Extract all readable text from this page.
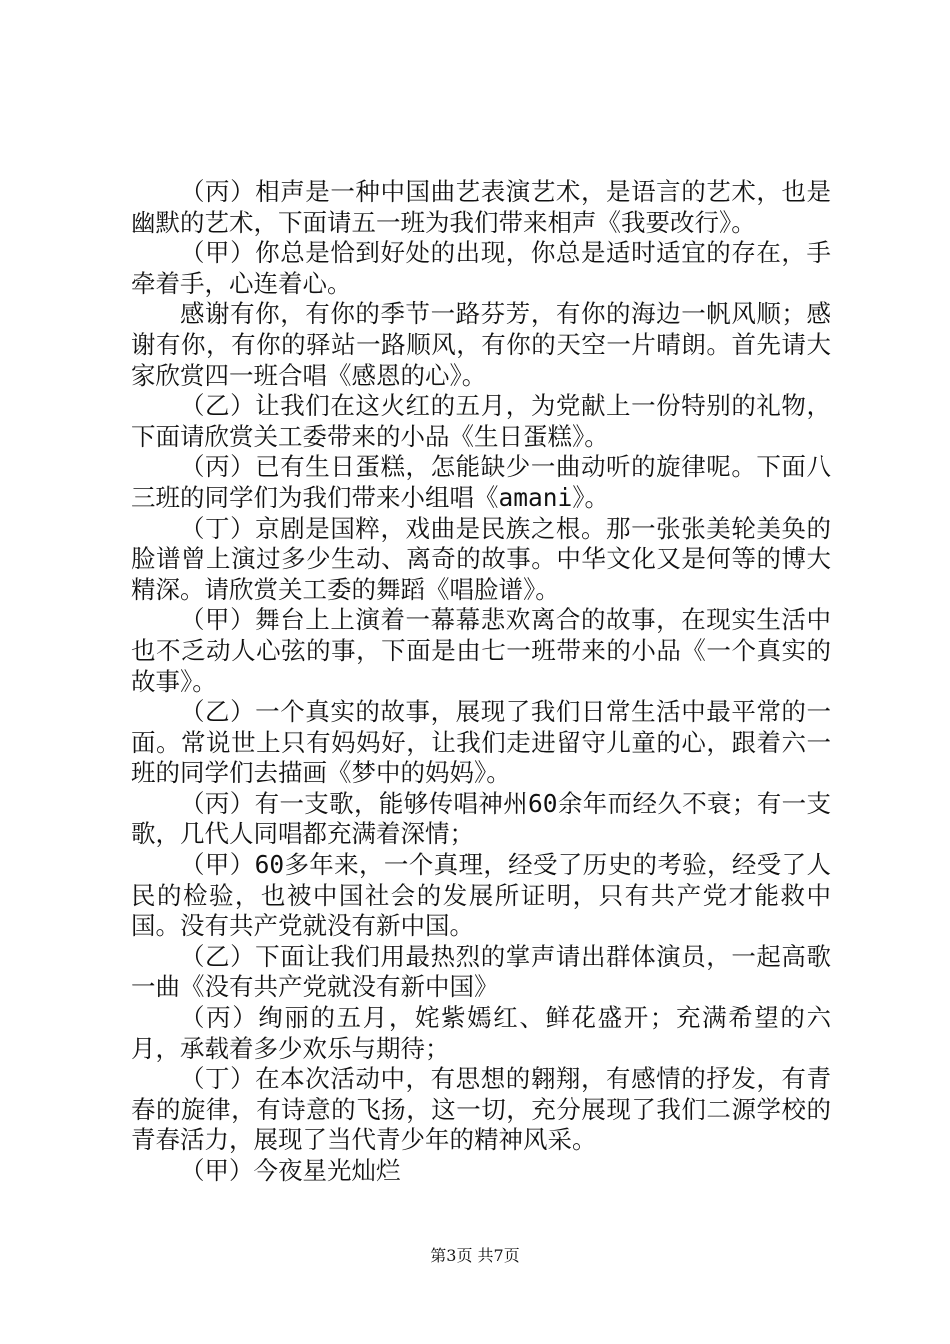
（丙）相声是一种中国曲艺表演艺术，是语言的艺术，也是幽默的艺术，下面请五一班为我们带来相声《我要改行》。

（甲）你总是恰到好处的出现，你总是适时适宜的存在，手牵着手，心连着心。

感谢有你，有你的季节一路芬芳，有你的海边一帆风顺；感谢有你，有你的驿站一路顺风，有你的天空一片晴朗。首先请大家欣赏四一班合唱《感恩的心》。

（乙）让我们在这火红的五月，为党献上一份特别的礼物，下面请欣赏关工委带来的小品《生日蛋糕》。

（丙）已有生日蛋糕，怎能缺少一曲动听的旋律呢。下面八三班的同学们为我们带来小组唱《amani》。

（丁）京剧是国粹，戏曲是民族之根。那一张张美轮美奂的脸谱曾上演过多少生动、离奇的故事。中华文化又是何等的博大精深。请欣赏关工委的舞蹈《唱脸谱》。

（甲）舞台上上演着一幕幕悲欢离合的故事，在现实生活中也不乏动人心弦的事，下面是由七一班带来的小品《一个真实的故事》。

（乙）一个真实的故事，展现了我们日常生活中最平常的一面。常说世上只有妈妈好，让我们走进留守儿童的心，跟着六一班的同学们去描画《梦中的妈妈》。

（丙）有一支歌，能够传唱神州60余年而经久不衰；有一支歌，几代人同唱都充满着深情；

（甲）60多年来，一个真理，经受了历史的考验，经受了人民的检验，也被中国社会的发展所证明，只有共产党才能救中国。没有共产党就没有新中国。

（乙）下面让我们用最热烈的掌声请出群体演员，一起高歌一曲《没有共产党就没有新中国》

（丙）绚丽的五月，姹紫嫣红、鲜花盛开；充满希望的六月，承载着多少欢乐与期待；

（丁）在本次活动中，有思想的翱翔，有感情的抒发，有青春的旋律，有诗意的飞扬，这一切，充分展现了我们二源学校的青春活力，展现了当代青少年的精神风采。

（甲）今夜星光灿烂

第3页 共7页
